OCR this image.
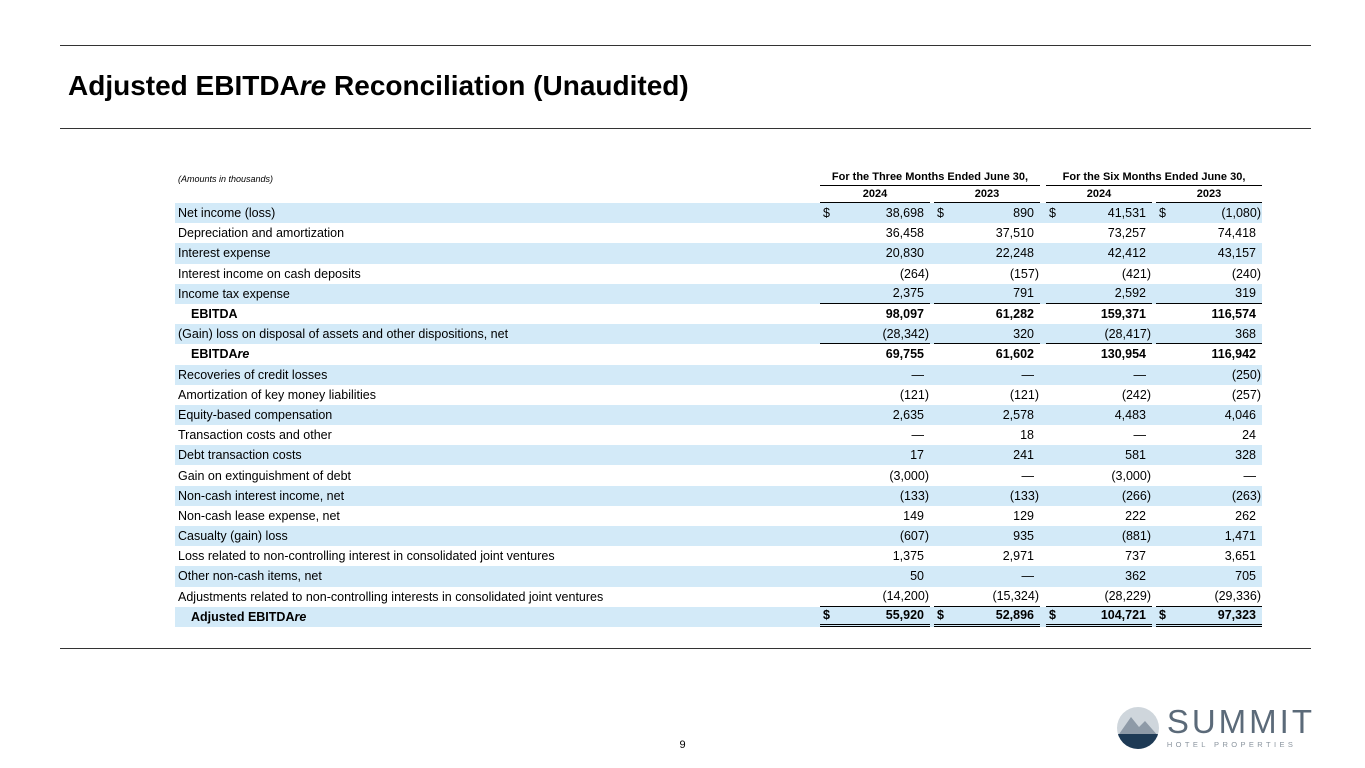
Adjusted EBITDAre Reconciliation (Unaudited)
(Amounts in thousands)	For the Three Months Ended June 30,	For the Six Months Ended June 30,
2024	2023	2024	2023
Net income (loss)	$	38,698	$	890	$	41,531	$	(1,080)
Depreciation and amortization	36,458	37,510	73,257	74,418
Interest expense	20,830	22,248	42,412	43,157
Interest income on cash deposits	(264)	(157)	(421)	(240)
Income tax expense	2,375	791	2,592	319
EBITDA	98,097	61,282	159,371	116,574
(Gain) loss on disposal of assets and other dispositions, net	(28,342)	320	(28,417)	368
EBITDAre	69,755	61,602	130,954	116,942
Recoveries of credit losses	—	—	—	(250)
Amortization of key money liabilities	(121)	(121)	(242)	(257)
Equity-based compensation	2,635	2,578	4,483	4,046
Transaction costs and other	—	18	—	24
Debt transaction costs	17	241	581	328
Gain on extinguishment of debt	(3,000)	—	(3,000)	—
Non-cash interest income, net	(133)	(133)	(266)	(263)
Non-cash lease expense, net	149	129	222	262
Casualty (gain) loss	(607)	935	(881)	1,471
Loss related to non-controlling interest in consolidated joint ventures	1,375	2,971	737	3,651
Other non-cash items, net	50	—	362	705
Adjustments related to non-controlling interests in consolidated joint ventures	(14,200)	(15,324)	(28,229)	(29,336)
Adjusted EBITDAre	$	55,920	$	52,896	$	104,721	$	97,323
9
SUMMIT
HOTEL PROPERTIES
